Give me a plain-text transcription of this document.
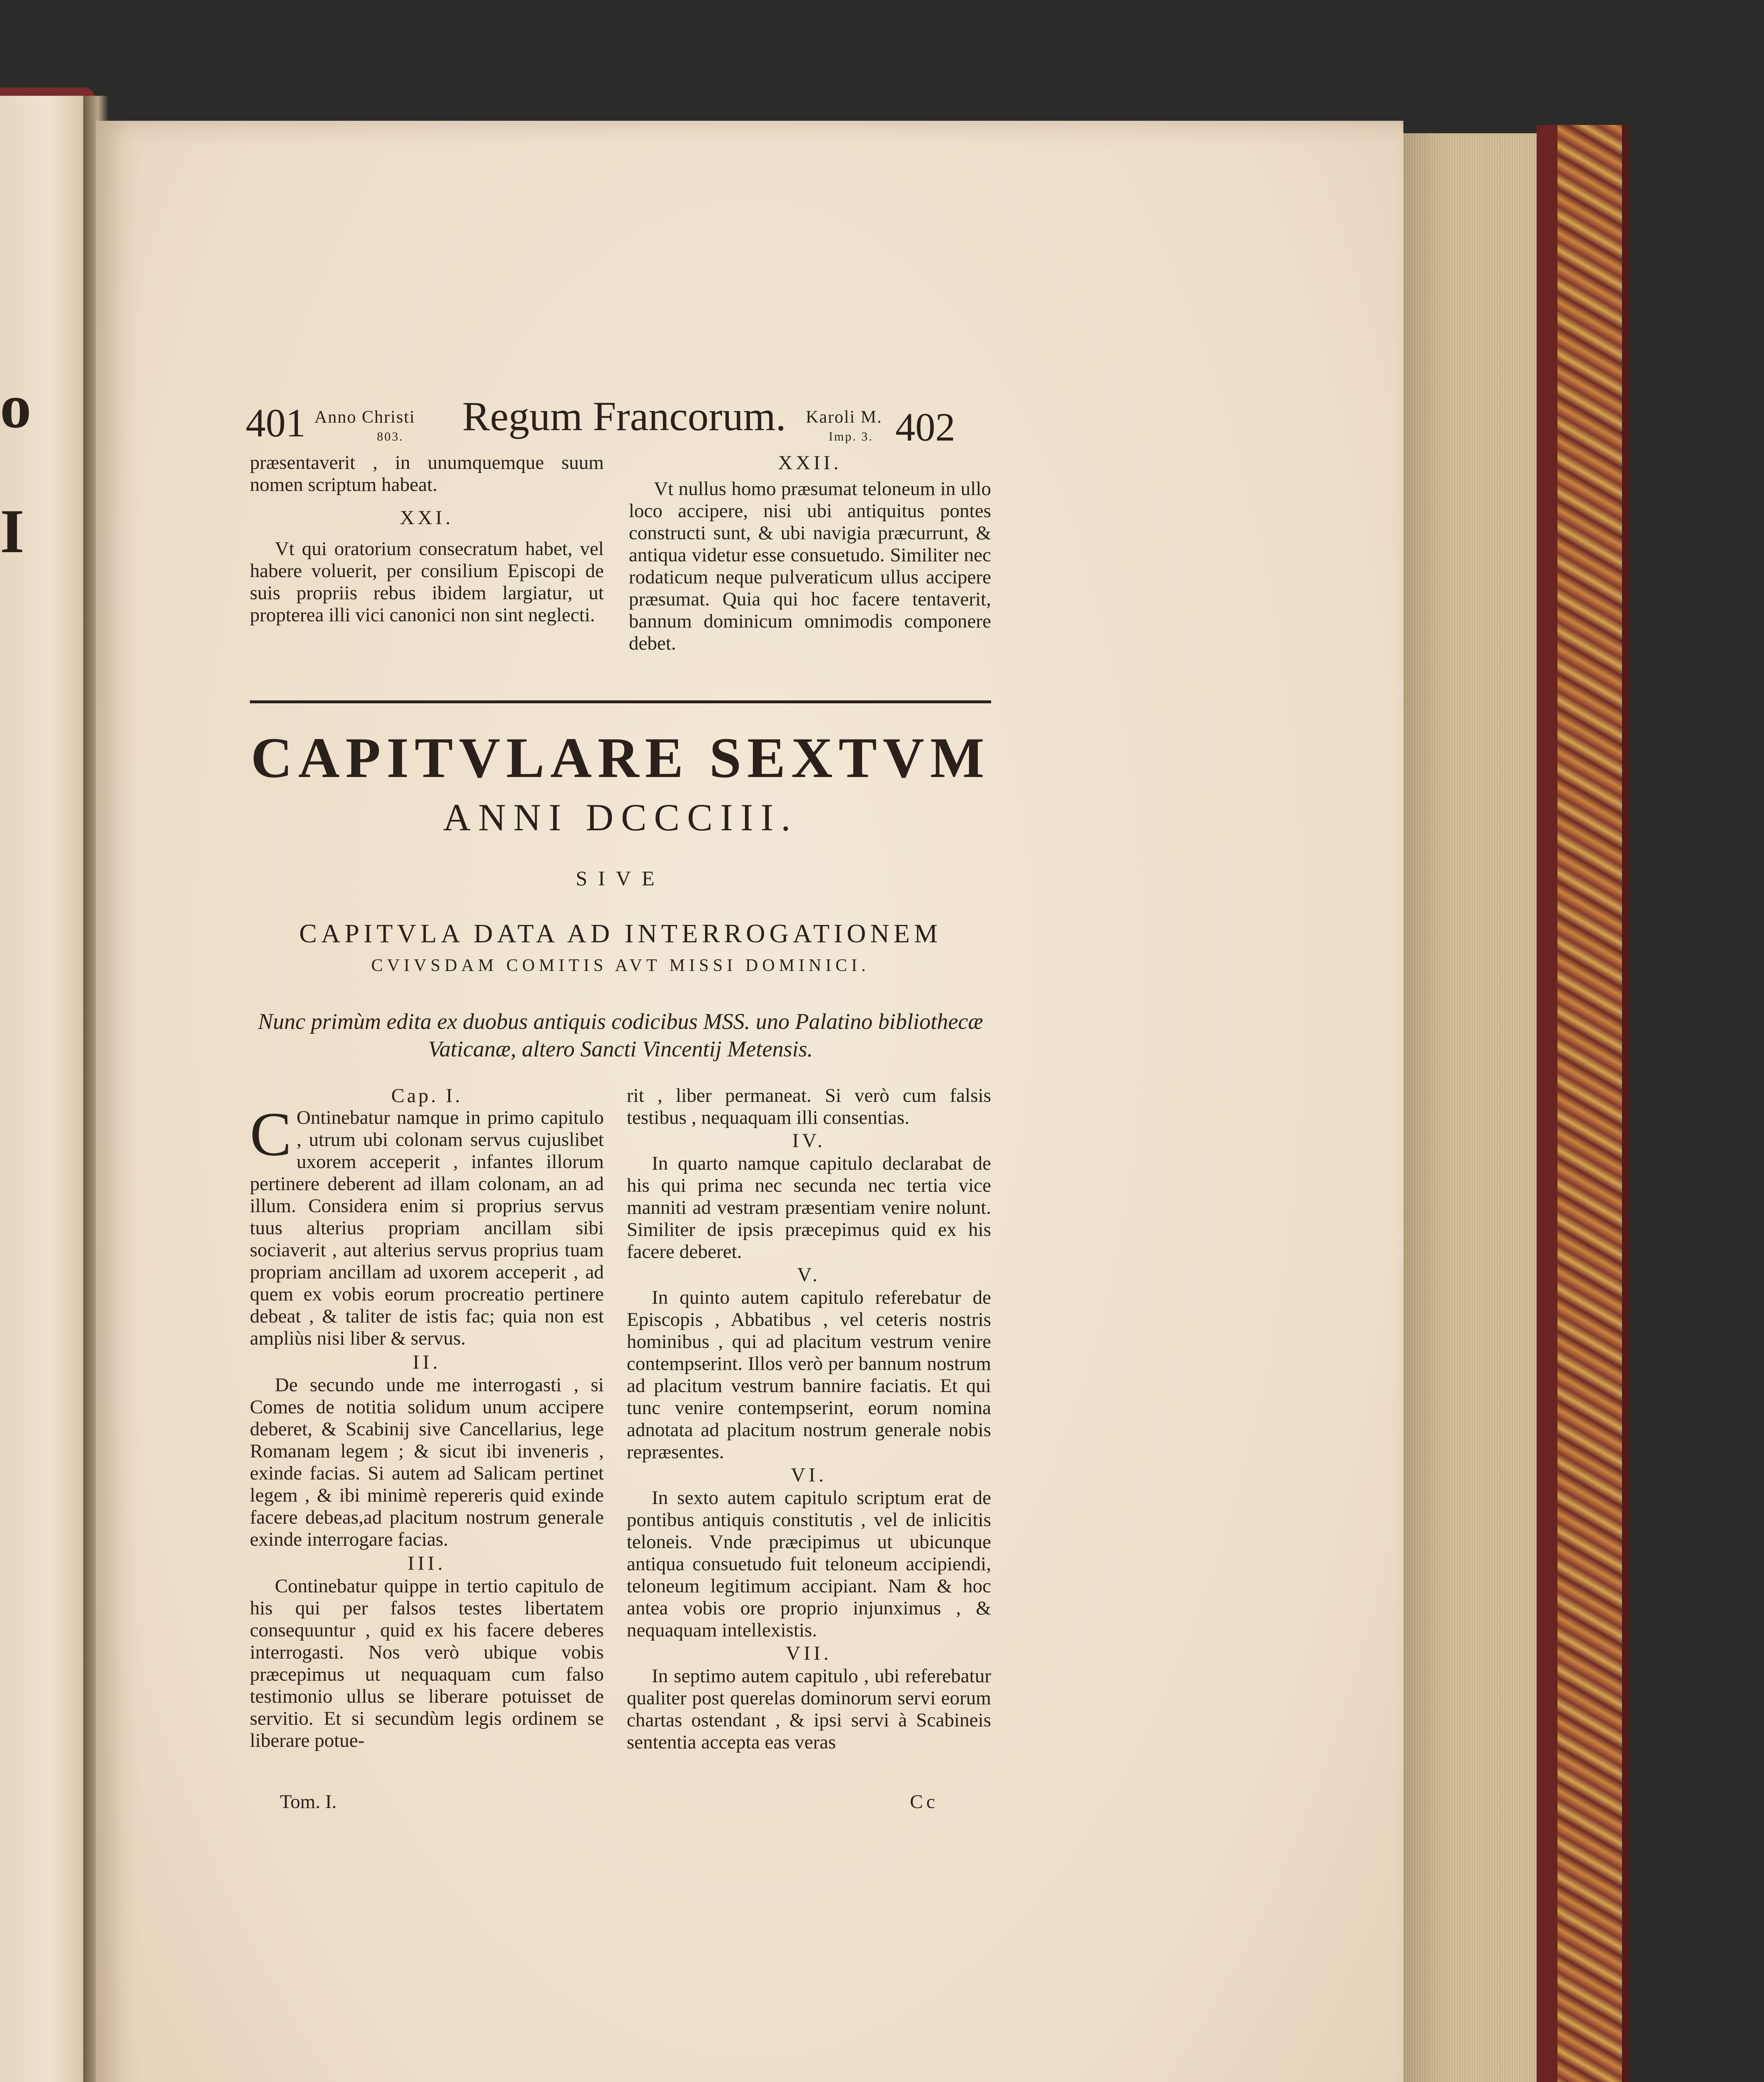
o
I
401 Anno Christi
803. Regum Francorum. Karoli M.
Imp. 3. 402

præsentaverit , in unumquemque suum nomen scriptum habeat.

XXI.

Vt qui oratorium consecratum habet, vel habere voluerit, per consilium Episcopi de suis propriis rebus ibidem largiatur, ut propterea illi vici canonici non sint neglecti.

XXII.

Vt nullus homo præsumat teloneum in ullo loco accipere, nisi ubi antiquitus pontes constructi sunt, & ubi navigia præcurrunt, & antiqua videtur esse consuetudo. Similiter nec rodaticum neque pulveraticum ullus accipere præsumat. Quia qui hoc facere tentaverit, bannum dominicum omnimodis componere debet.

CAPITVLARE SEXTVM
ANNI DCCCIII.
SIVE
CAPITVLA DATA AD INTERROGATIONEM
CVIVSDAM COMITIS AVT MISSI DOMINICI.
Nunc primùm edita ex duobus antiquis codicibus MSS. uno Palatino bibliothecæ Vaticanæ, altero Sancti Vincentij Metensis.

Cap. I.

C Ontinebatur namque in primo capitulo , utrum ubi colonam servus cujuslibet uxorem acceperit , infantes illorum pertinere deberent ad illam colonam, an ad illum. Considera enim si proprius servus tuus alterius propriam ancillam sibi sociaverit , aut alterius servus proprius tuam propriam ancillam ad uxorem acceperit , ad quem ex vobis eorum procreatio pertinere debeat , & taliter de istis fac; quia non est ampliùs nisi liber & servus.

II.

De secundo unde me interrogasti , si Comes de notitia solidum unum accipere deberet, & Scabinij sive Cancellarius, lege Romanam legem ; & sicut ibi inveneris , exinde facias. Si autem ad Salicam pertinet legem , & ibi minimè repereris quid exinde facere debeas,ad placitum nostrum generale exinde interrogare facias.

III.

Continebatur quippe in tertio capitulo de his qui per falsos testes libertatem consequuntur , quid ex his facere deberes interrogasti. Nos verò ubique vobis præcepimus ut nequaquam cum falso testimonio ullus se liberare potuisset de servitio. Et si secundùm legis ordinem se liberare potue-

rit , liber permaneat. Si verò cum falsis testibus , nequaquam illi consentias.

IV.

In quarto namque capitulo declarabat de his qui prima nec secunda nec tertia vice manniti ad vestram præsentiam venire nolunt. Similiter de ipsis præcepimus quid ex his facere deberet.

V.

In quinto autem capitulo referebatur de Episcopis , Abbatibus , vel ceteris nostris hominibus , qui ad placitum vestrum venire contempserint. Illos verò per bannum nostrum ad placitum vestrum bannire faciatis. Et qui tunc venire contempserint, eorum nomina adnotata ad placitum nostrum generale nobis repræsentes.

VI.

In sexto autem capitulo scriptum erat de pontibus antiquis constitutis , vel de inlicitis teloneis. Vnde præcipimus ut ubicunque antiqua consuetudo fuit teloneum accipiendi, teloneum legitimum accipiant. Nam & hoc antea vobis ore proprio injunximus , & nequaquam intellexistis.

VII.

In septimo autem capitulo , ubi referebatur qualiter post querelas dominorum servi eorum chartas ostendant , & ipsi servi à Scabineis sententia accepta eas veras

Tom. I.	Cc
